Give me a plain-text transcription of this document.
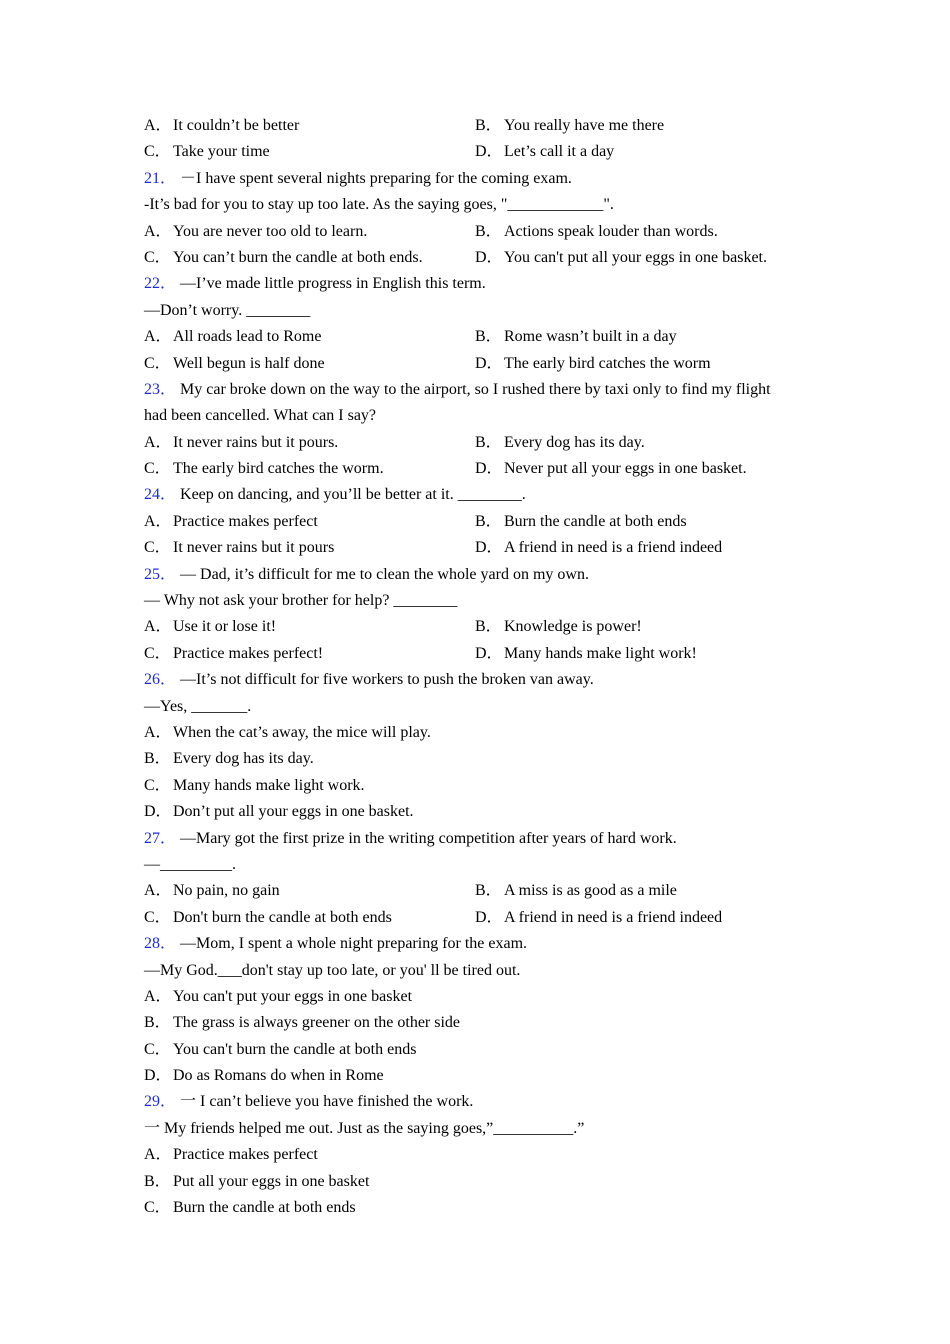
A．It couldn’t be better	B． You really have me there
C． Take your time	D．Let’s call it a day
21． －I have spent several nights preparing for the coming exam.
-It’s bad for you to stay up too late. As the saying goes, "____________".
A．You are never too old to learn.	B． Actions speak louder than words.
C． You can’t burn the candle at both ends.	D．You can't put all your eggs in one basket.
22． —I’ve made little progress in English this term.
—Don’t worry. ________
A．All roads lead to Rome	B． Rome wasn’t built in a day
C． Well begun is half done	D．The early bird catches the worm
23． My car broke down on the way to the airport, so I rushed there by taxi only to find my flight
had been cancelled. What can I say?
A．It never rains but it pours.	B． Every dog has its day.
C． The early bird catches the worm.	D．Never put all your eggs in one basket.
24． Keep on dancing, and you’ll be better at it. ________.
A．Practice makes perfect	B． Burn the candle at both ends
C． It never rains but it pours	D．A friend in need is a friend indeed
25． — Dad, it’s difficult for me to clean the whole yard on my own.
— Why not ask your brother for help? ________
A．Use it or lose it!	B． Knowledge is power!
C． Practice makes perfect!	D．Many hands make light work!
26． —It’s not difficult for five workers to push the broken van away.
—Yes, _______.
A．When the cat’s away, the mice will play.
B． Every dog has its day.
C． Many hands make light work.
D．Don’t put all your eggs in one basket.
27． —Mary got the first prize in the writing competition after years of hard work.
—_________.
A．No pain, no gain	B． A miss is as good as a mile
C． Don't burn the candle at both ends	D．A friend in need is a friend indeed
28． —Mom, I spent a whole night preparing for the exam.
—My God.___don't stay up too late, or you' ll be tired out.
A．You can't put your eggs in one basket
B． The grass is always greener on the other side
C． You can't burn the candle at both ends
D．Do as Romans do when in Rome
29． 一 I can’t believe you have finished the work.
一 My friends helped me out. Just as the saying goes,”__________.”
A．Practice makes perfect
B． Put all your eggs in one basket
C． Burn the candle at both ends
